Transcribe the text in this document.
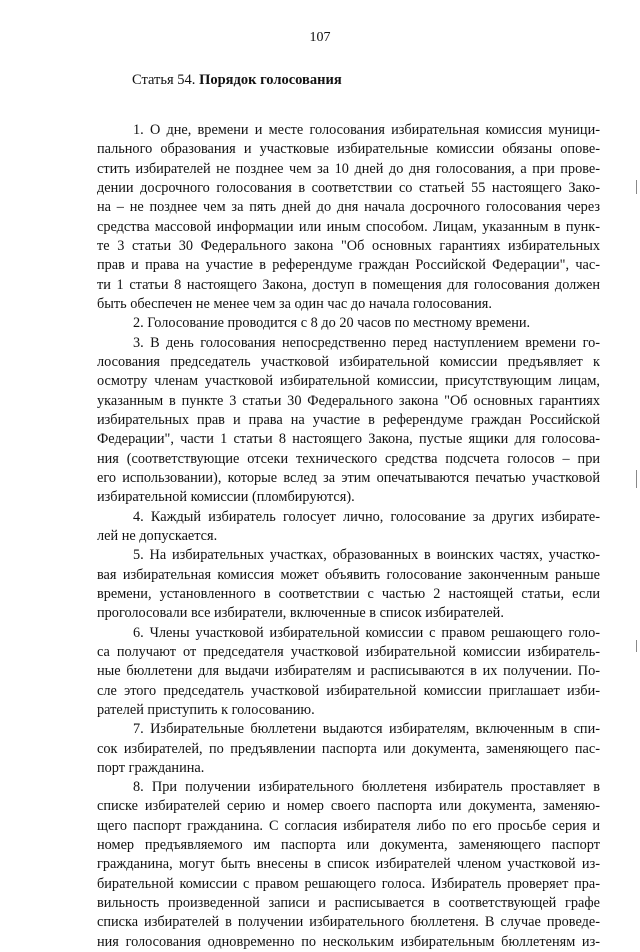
107
Статья 54. Порядок голосования
1. О дне, времени и месте голосования избирательная комиссия муници-
пального образования и участковые избирательные комиссии обязаны опове-
стить избирателей не позднее чем за 10 дней до дня голосования, а при прове-
дении досрочного голосования в соответствии со статьей 55 настоящего Зако-
на – не позднее чем за пять дней до дня начала досрочного голосования через
средства массовой информации или иным способом. Лицам, указанным в пунк-
те 3 статьи 30 Федерального закона "Об основных гарантиях избирательных
прав и права на участие в референдуме граждан Российской Федерации", час-
ти 1 статьи 8 настоящего Закона, доступ в помещения для голосования должен
быть обеспечен не менее чем за один час до начала голосования.
2. Голосование проводится с 8 до 20 часов по местному времени.
3. В день голосования непосредственно перед наступлением времени го-
лосования председатель участковой избирательной комиссии предъявляет к
осмотру членам участковой избирательной комиссии, присутствующим лицам,
указанным в пункте 3 статьи 30 Федерального закона "Об основных гарантиях
избирательных прав и права на участие в референдуме граждан Российской
Федерации", части 1 статьи 8 настоящего Закона, пустые ящики для голосова-
ния (соответствующие отсеки технического средства подсчета голосов – при
его использовании), которые вслед за этим опечатываются печатью участковой
избирательной комиссии (пломбируются).
4. Каждый избиратель голосует лично, голосование за других избирате-
лей не допускается.
5. На избирательных участках, образованных в воинских частях, участко-
вая избирательная комиссия может объявить голосование законченным раньше
времени, установленного в соответствии с частью 2 настоящей статьи, если
проголосовали все избиратели, включенные в список избирателей.
6. Члены участковой избирательной комиссии с правом решающего голо-
са получают от председателя участковой избирательной комиссии избиратель-
ные бюллетени для выдачи избирателям и расписываются в их получении. По-
сле этого председатель участковой избирательной комиссии приглашает изби-
рателей приступить к голосованию.
7. Избирательные бюллетени выдаются избирателям, включенным в спи-
сок избирателей, по предъявлении паспорта или документа, заменяющего пас-
порт гражданина.
8. При получении избирательного бюллетеня избиратель проставляет в
списке избирателей серию и номер своего паспорта или документа, заменяю-
щего паспорт гражданина. С согласия избирателя либо по его просьбе серия и
номер предъявляемого им паспорта или документа, заменяющего паспорт
гражданина, могут быть внесены в список избирателей членом участковой из-
бирательной комиссии с правом решающего голоса. Избиратель проверяет пра-
вильность произведенной записи и расписывается в соответствующей графе
списка избирателей в получении избирательного бюллетеня. В случае проведе-
ния голосования одновременно по нескольким избирательным бюллетеням из-
